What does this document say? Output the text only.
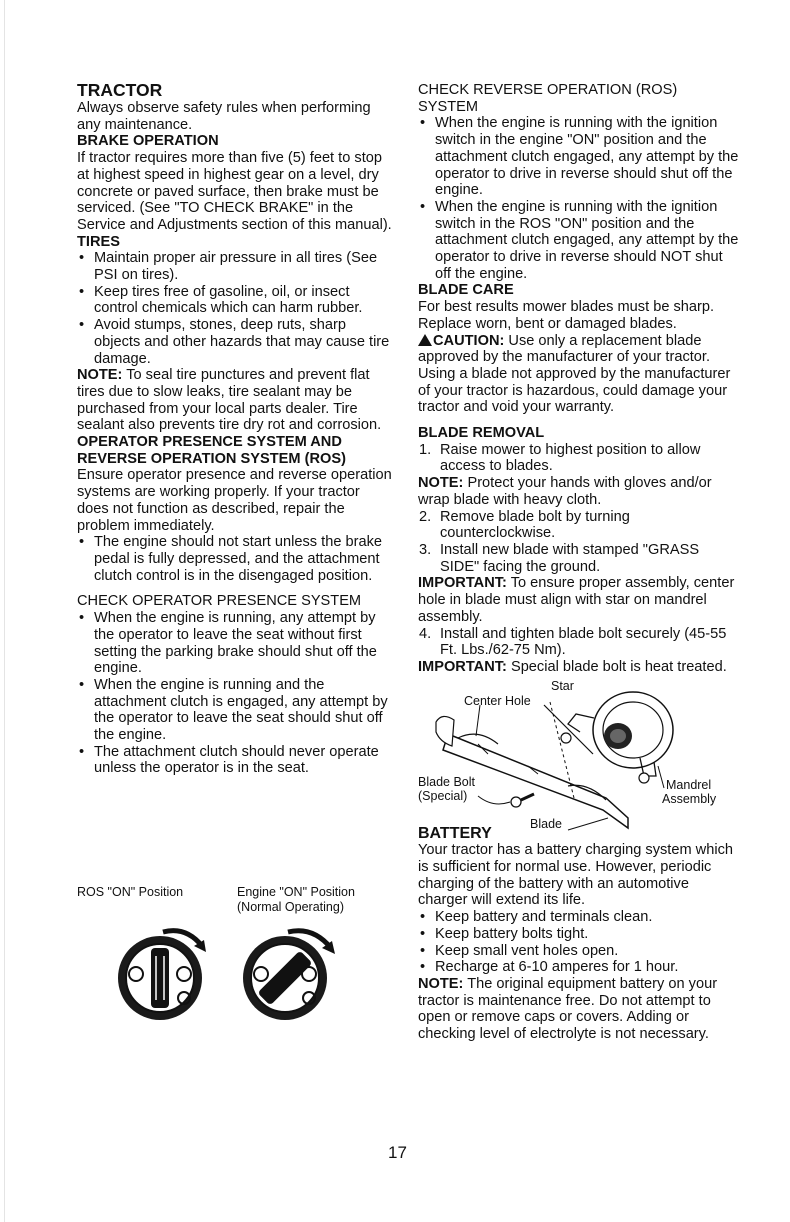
TRACTOR

Always observe safety rules when performing any maintenance.

BRAKE OPERATION

If tractor requires more than five (5) feet to stop at highest speed in highest gear on a level, dry concrete or paved surface, then brake must be serviced. (See "TO CHECK BRAKE" in the Service and Adjustments section of this manual).

TIRES

• Maintain proper air pressure in all tires (See PSI on tires).
• Keep tires free of gasoline, oil, or insect control chemicals which can harm rubber.
• Avoid stumps, stones, deep ruts, sharp objects and other hazards that may cause tire damage.

NOTE: To seal tire punctures and prevent flat tires due to slow leaks, tire sealant may be purchased from your local parts dealer. Tire sealant also prevents tire dry rot and corrosion.

OPERATOR PRESENCE SYSTEM AND REVERSE OPERATION SYSTEM (ROS)

Ensure operator presence and reverse operation systems are working properly. If your tractor does not function as described, repair the problem immediately.

• The engine should not start unless the brake pedal is fully depressed, and the attachment clutch control is in the disengaged position.

CHECK OPERATOR PRESENCE SYSTEM

• When the engine is running, any attempt by the operator to leave the seat without first setting the parking brake should shut off the engine.
• When the engine is running and the attachment clutch is engaged, any attempt by the operator to leave the seat should shut off the engine.
• The attachment clutch should never operate unless the operator is in the seat.
ROS "ON" Position	Engine "ON" Position
(Normal Operating)

CHECK REVERSE OPERATION (ROS) SYSTEM

• When the engine is running with the ignition switch in the engine "ON" position and the attachment clutch engaged, any attempt by the operator to drive in reverse should shut off the engine.
• When the engine is running with the ignition switch in the ROS "ON" position and the attachment clutch engaged, any attempt by the operator to drive in reverse should NOT shut off the engine.

BLADE CARE

For best results mower blades must be sharp. Replace worn, bent or damaged blades.

CAUTION: Use only a replacement blade approved by the manufacturer of your tractor. Using a blade not approved by the manufacturer of your tractor is hazardous, could damage your tractor and void your warranty.

BLADE REMOVAL

1. Raise mower to highest position to allow access to blades.

NOTE: Protect your hands with gloves and/or wrap blade with heavy cloth.

2. Remove blade bolt by turning counterclockwise.
3. Install new blade with stamped "GRASS SIDE" facing the ground.

IMPORTANT: To ensure proper assembly, center hole in blade must align with star on mandrel assembly.

4. Install and tighten blade bolt securely (45-55 Ft. Lbs./62-75 Nm).

IMPORTANT: Special blade bolt is heat treated.

Star
Center Hole
Blade Bolt
(Special)
Mandrel
Assembly
Blade

BATTERY

Your tractor has a battery charging system which is sufficient for normal use. However, periodic charging of the battery with an automotive charger will extend its life.

• Keep battery and terminals clean.
• Keep battery bolts tight.
• Keep small vent holes open.
• Recharge at 6-10 amperes for 1 hour.

NOTE: The original equipment battery on your tractor is maintenance free. Do not attempt to open or remove caps or covers. Adding or checking level of electrolyte is not necessary.

17
